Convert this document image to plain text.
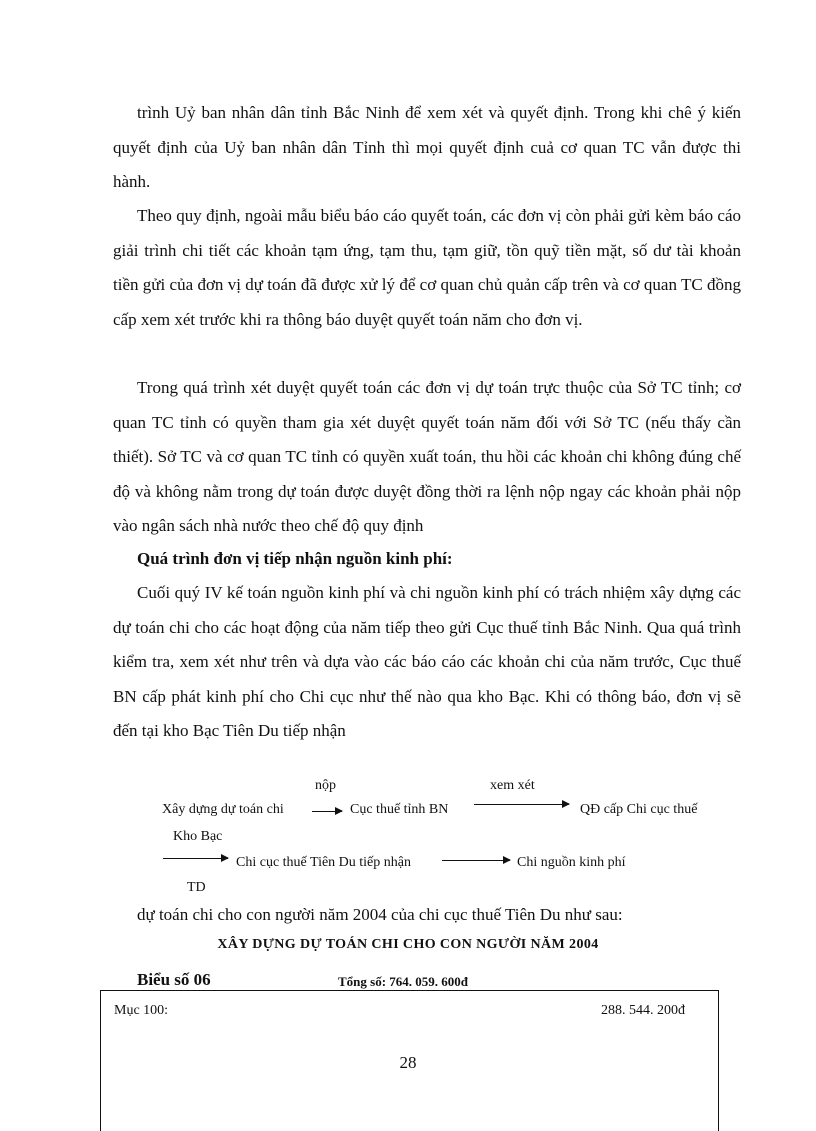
trình Uỷ ban nhân dân tỉnh Bắc Ninh để xem xét và quyết định. Trong khi chê ý kiến quyết định của Uỷ ban nhân dân Tỉnh thì mọi quyết định cuả cơ quan TC vẫn được thi hành.

Theo quy định, ngoài mẫu biểu báo cáo quyết toán, các đơn vị còn phải gửi kèm báo cáo giải trình chi tiết các khoản tạm ứng, tạm thu, tạm giữ, tồn quỹ tiền mặt, số dư tài khoản tiền gửi của đơn vị dự toán đã được xử lý để cơ quan chủ quản cấp trên và cơ quan TC đồng cấp xem xét trước khi ra thông báo duyệt quyết toán năm cho đơn vị.

Trong quá trình xét duyệt quyết toán các đơn vị dự toán trực thuộc của Sở TC tỉnh; cơ quan TC tỉnh có quyền tham gia xét duyệt quyết toán năm đối với Sở TC (nếu thấy cần thiết). Sở TC và cơ quan TC tỉnh có quyền xuất toán, thu hồi các khoản chi không đúng chế độ và không nằm trong dự toán được duyệt đồng thời ra lệnh nộp ngay các khoản phải nộp vào ngân sách nhà nước theo chế độ quy định

Quá trình đơn vị tiếp nhận nguồn kinh phí:

Cuối quý IV kế toán nguồn kinh phí và chi nguồn kinh phí có trách nhiệm xây dựng các dự toán chi cho các hoạt động của năm tiếp theo gửi Cục thuế tỉnh Bắc Ninh. Qua quá trình kiểm tra, xem xét như trên và dựa vào các báo cáo các khoản chi của năm trước, Cục thuế BN cấp phát kinh phí cho Chi cục như thế nào qua kho Bạc. Khi có thông báo, đơn vị sẽ đến tại kho Bạc Tiên Du tiếp nhận

nộp	xem xét
Xây dựng dự toán chi	Cục thuế tỉnh BN	QĐ cấp Chi cục thuế
Kho Bạc
Chi cục thuế Tiên Du tiếp nhận	Chi nguồn kinh phí
TD
dự toán chi cho con người năm 2004 của chi cục thuế Tiên Du như sau:
XÂY DỰNG DỰ TOÁN CHI CHO CON NGƯỜI NĂM 2004
Biểu số 06	Tổng số: 764. 059. 600đ
Mục 100:	288. 544. 200đ
28
